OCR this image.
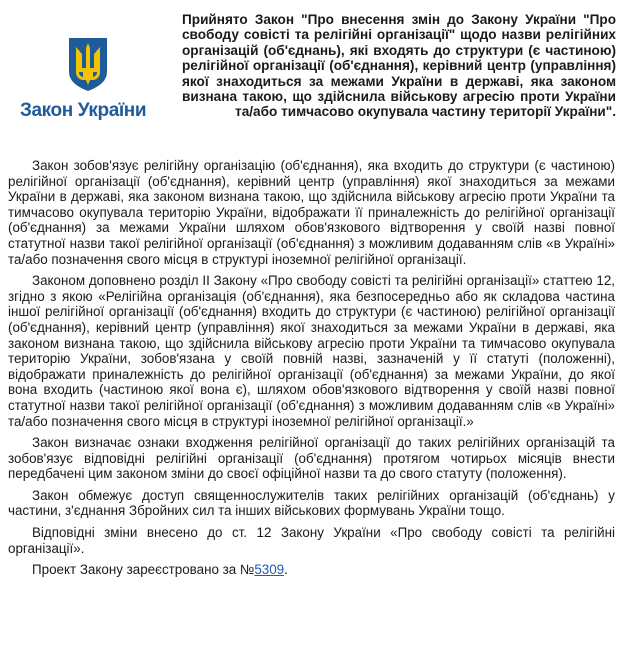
Закон України
Прийнято Закон "Про внесення змін до Закону України "Про свободу совісті та релігійні організації" щодо назви релігійних організацій (об'єднань), які входять до структури (є частиною) релігійної організації (об'єднання), керівний центр (управління) якої знаходиться за межами України в державі, яка законом визнана такою, що здійснила військову агресію проти України та/або тимчасово окупувала частину території України".

Закон зобов'язує релігійну організацію (об'єднання), яка входить до структури (є частиною) релігійної організації (об'єднання), керівний центр (управління) якої знаходиться за межами України в державі, яка законом визнана такою, що здійснила військову агресію проти України та тимчасово окупувала територію України, відображати її приналежність до релігійної організації (об'єднання) за межами України шляхом обов'язкового відтворення у своїй назві повної статутної назви такої релігійної організації (об'єднання) з можливим додаванням слів «в Україні» та/або позначення свого місця в структурі іноземної релігійної організації.

Законом доповнено розділ ІІ Закону «Про свободу совісті та релігійні організації» статтею 12, згідно з якою «Релігійна організація (об'єднання), яка безпосередньо або як складова частина іншої релігійної організації (об'єднання) входить до структури (є частиною) релігійної організації (об'єднання), керівний центр (управління) якої знаходиться за межами України в державі, яка законом визнана такою, що здійснила військову агресію проти України та тимчасово окупувала територію України, зобов'язана у своїй повній назві, зазначеній у її статуті (положенні), відображати приналежність до релігійної організації (об'єднання) за межами України, до якої вона входить (частиною якої вона є), шляхом обов'язкового відтворення у своїй назві повної статутної назви такої релігійної організації (об'єднання) з можливим додаванням слів «в Україні» та/або позначення свого місця в структурі іноземної релігійної організації.»

Закон визначає ознаки входження релігійної організації до таких релігійних організацій та зобов'язує відповідні релігійні організації (об'єднання) протягом чотирьох місяців внести передбачені цим законом зміни до своєї офіційної назви та до свого статуту (положення).

Закон обмежує доступ священнослужителів таких релігійних організацій (об'єднань) у частини, з'єднання Збройних сил та інших військових формувань України тощо.

Відповідні зміни внесено до ст. 12 Закону України «Про свободу совісті та релігійні організації».

Проект Закону зареєстровано за №5309.
